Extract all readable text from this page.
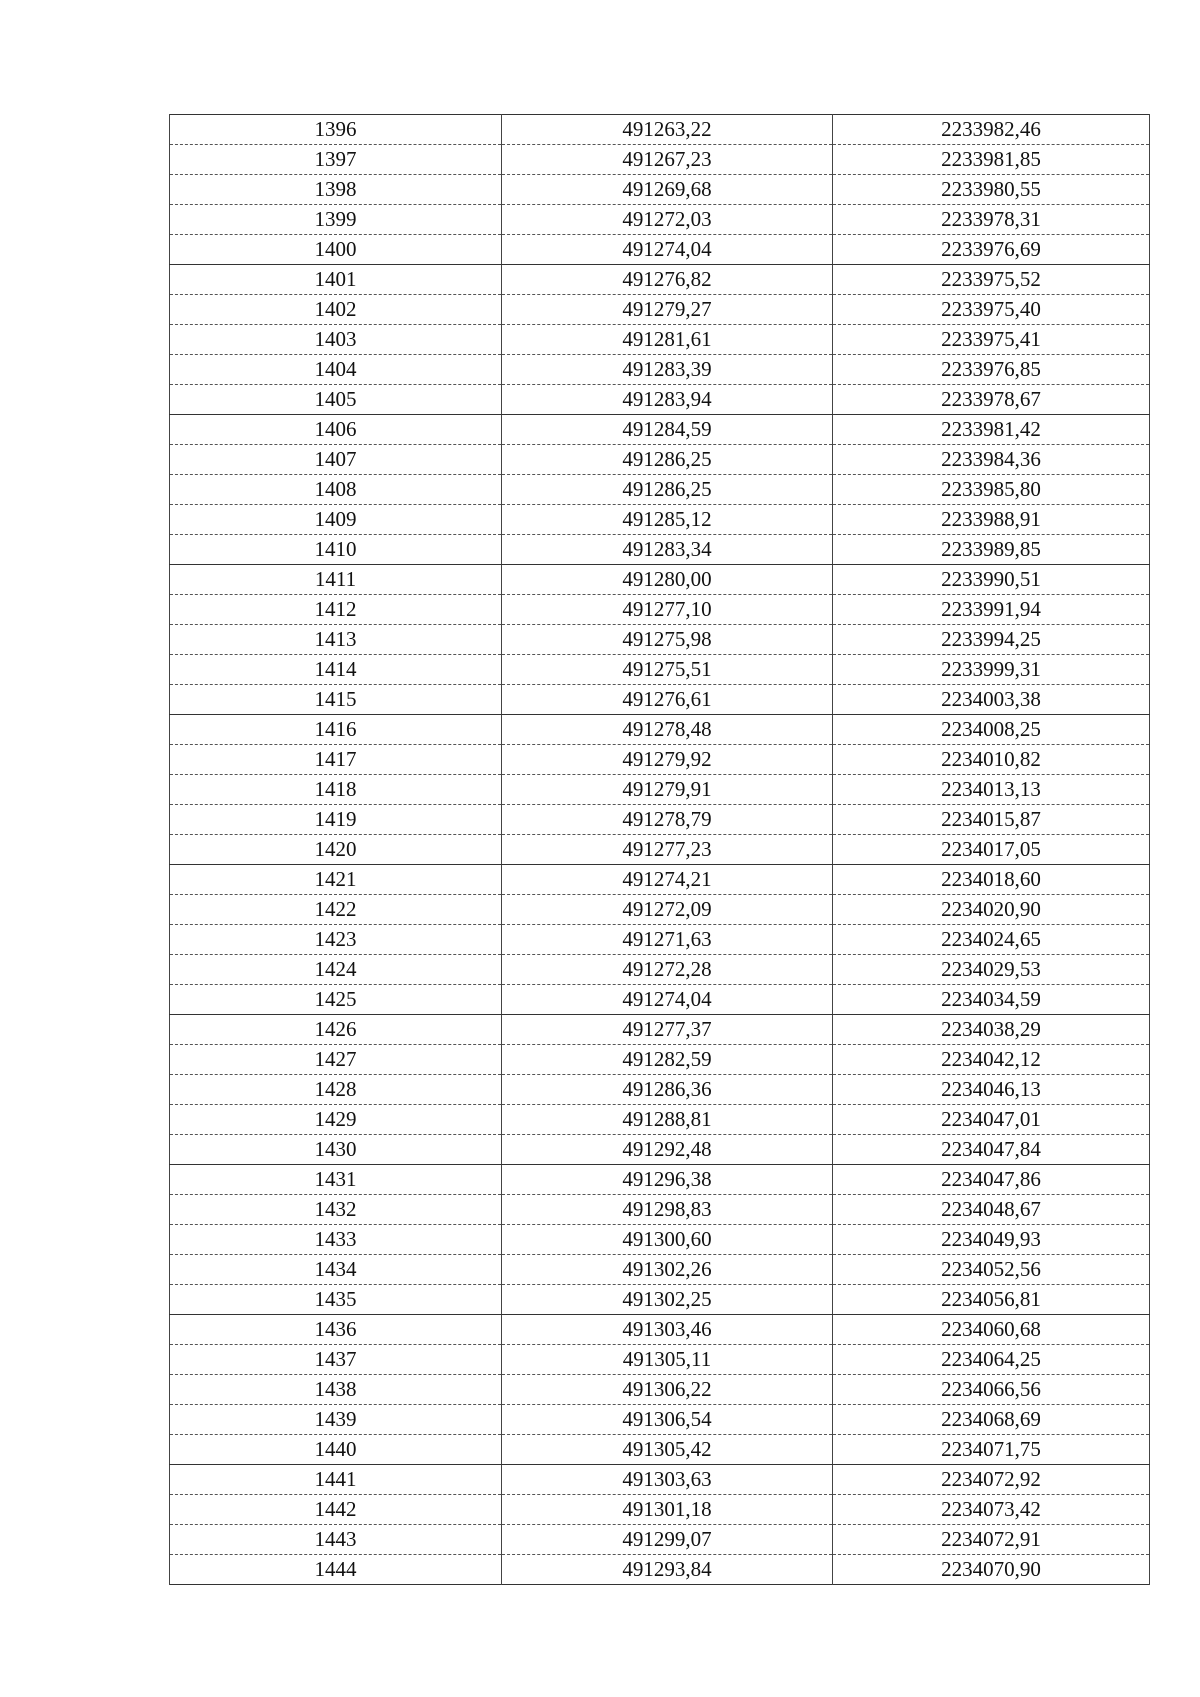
1396	491263,22	2233982,46
1397	491267,23	2233981,85
1398	491269,68	2233980,55
1399	491272,03	2233978,31
1400	491274,04	2233976,69
1401	491276,82	2233975,52
1402	491279,27	2233975,40
1403	491281,61	2233975,41
1404	491283,39	2233976,85
1405	491283,94	2233978,67
1406	491284,59	2233981,42
1407	491286,25	2233984,36
1408	491286,25	2233985,80
1409	491285,12	2233988,91
1410	491283,34	2233989,85
1411	491280,00	2233990,51
1412	491277,10	2233991,94
1413	491275,98	2233994,25
1414	491275,51	2233999,31
1415	491276,61	2234003,38
1416	491278,48	2234008,25
1417	491279,92	2234010,82
1418	491279,91	2234013,13
1419	491278,79	2234015,87
1420	491277,23	2234017,05
1421	491274,21	2234018,60
1422	491272,09	2234020,90
1423	491271,63	2234024,65
1424	491272,28	2234029,53
1425	491274,04	2234034,59
1426	491277,37	2234038,29
1427	491282,59	2234042,12
1428	491286,36	2234046,13
1429	491288,81	2234047,01
1430	491292,48	2234047,84
1431	491296,38	2234047,86
1432	491298,83	2234048,67
1433	491300,60	2234049,93
1434	491302,26	2234052,56
1435	491302,25	2234056,81
1436	491303,46	2234060,68
1437	491305,11	2234064,25
1438	491306,22	2234066,56
1439	491306,54	2234068,69
1440	491305,42	2234071,75
1441	491303,63	2234072,92
1442	491301,18	2234073,42
1443	491299,07	2234072,91
1444	491293,84	2234070,90
